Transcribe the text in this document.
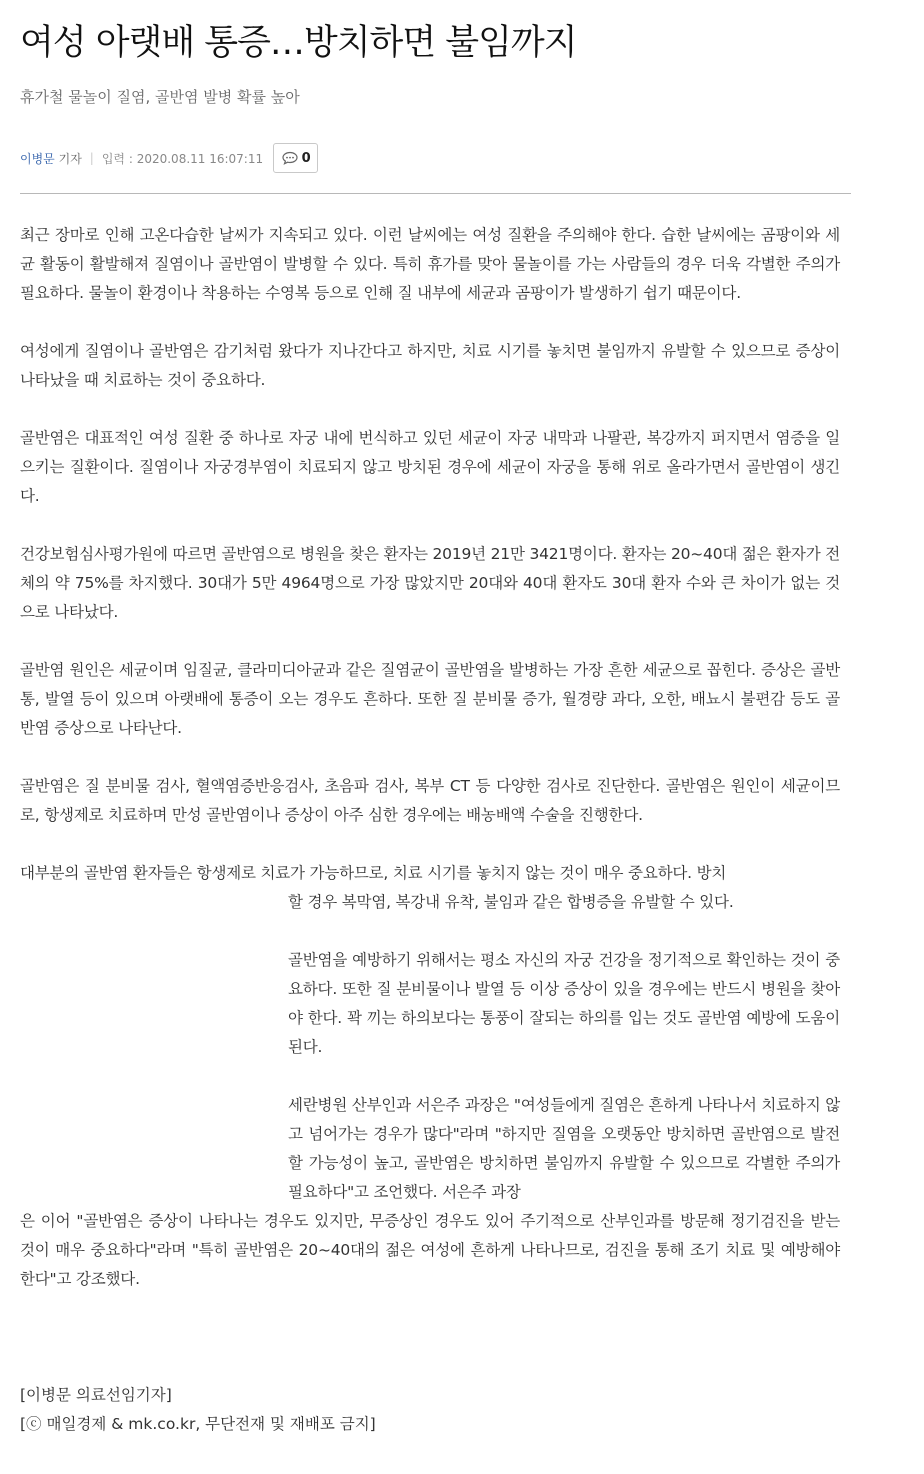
여성 아랫배 통증…방치하면 불임까지

휴가철 물놀이 질염, 골반염 발병 확률 높아

이병문 기자 | 입력 : 2020.08.11 16:07:11	0

최근 장마로 인해 고온다습한 날씨가 지속되고 있다. 이런 날씨에는 여성 질환을 주의해야 한다. 습한 날씨에는 곰팡이와 세균 활동이 활발해져 질염이나 골반염이 발병할 수 있다. 특히 휴가를 맞아 물놀이를 가는 사람들의 경우 더욱 각별한 주의가 필요하다. 물놀이 환경이나 착용하는 수영복 등으로 인해 질 내부에 세균과 곰팡이가 발생하기 쉽기 때문이다.

여성에게 질염이나 골반염은 감기처럼 왔다가 지나간다고 하지만, 치료 시기를 놓치면 불임까지 유발할 수 있으므로 증상이 나타났을 때 치료하는 것이 중요하다.

골반염은 대표적인 여성 질환 중 하나로 자궁 내에 번식하고 있던 세균이 자궁 내막과 나팔관, 복강까지 퍼지면서 염증을 일으키는 질환이다. 질염이나 자궁경부염이 치료되지 않고 방치된 경우에 세균이 자궁을 통해 위로 올라가면서 골반염이 생긴다.

건강보험심사평가원에 따르면 골반염으로 병원을 찾은 환자는 2019년 21만 3421명이다. 환자는 20~40대 젊은 환자가 전체의 약 75%를 차지했다. 30대가 5만 4964명으로 가장 많았지만 20대와 40대 환자도 30대 환자 수와 큰 차이가 없는 것으로 나타났다.

골반염 원인은 세균이며 임질균, 클라미디아균과 같은 질염균이 골반염을 발병하는 가장 흔한 세균으로 꼽힌다. 증상은 골반통, 발열 등이 있으며 아랫배에 통증이 오는 경우도 흔하다. 또한 질 분비물 증가, 월경량 과다, 오한, 배뇨시 불편감 등도 골반염 증상으로 나타난다.

골반염은 질 분비물 검사, 혈액염증반응검사, 초음파 검사, 복부 CT 등 다양한 검사로 진단한다. 골반염은 원인이 세균이므로, 항생제로 치료하며 만성 골반염이나 증상이 아주 심한 경우에는 배농배액 수술을 진행한다.

대부분의 골반염 환자들은 항생제로 치료가 가능하므로, 치료 시기를 놓치지 않는 것이 매우 중요하다. 방치
할 경우 복막염, 복강내 유착, 불임과 같은 합병증을 유발할 수 있다.
골반염을 예방하기 위해서는 평소 자신의 자궁 건강을 정기적으로 확인하는 것이 중요하다. 또한 질 분비물이나 발열 등 이상 증상이 있을 경우에는 반드시 병원을 찾아야 한다. 꽉 끼는 하의보다는 통풍이 잘되는 하의를 입는 것도 골반염 예방에 도움이 된다.
세란병원 산부인과 서은주 과장은 "여성들에게 질염은 흔하게 나타나서 치료하지 않고 넘어가는 경우가 많다"라며 "하지만 질염을 오랫동안 방치하면 골반염으로 발전할 가능성이 높고, 골반염은 방치하면 불임까지 유발할 수 있으므로 각별한 주의가 필요하다"고 조언했다. 서은주 과장
은 이어 "골반염은 증상이 나타나는 경우도 있지만, 무증상인 경우도 있어 주기적으로 산부인과를 방문해 정기검진을 받는 것이 매우 중요하다"라며 "특히 골반염은 20~40대의 젊은 여성에 흔하게 나타나므로, 검진을 통해 조기 치료 및 예방해야 한다"고 강조했다.
[이병문 의료선임기자]
[ⓒ 매일경제 & mk.co.kr, 무단전재 및 재배포 금지]
